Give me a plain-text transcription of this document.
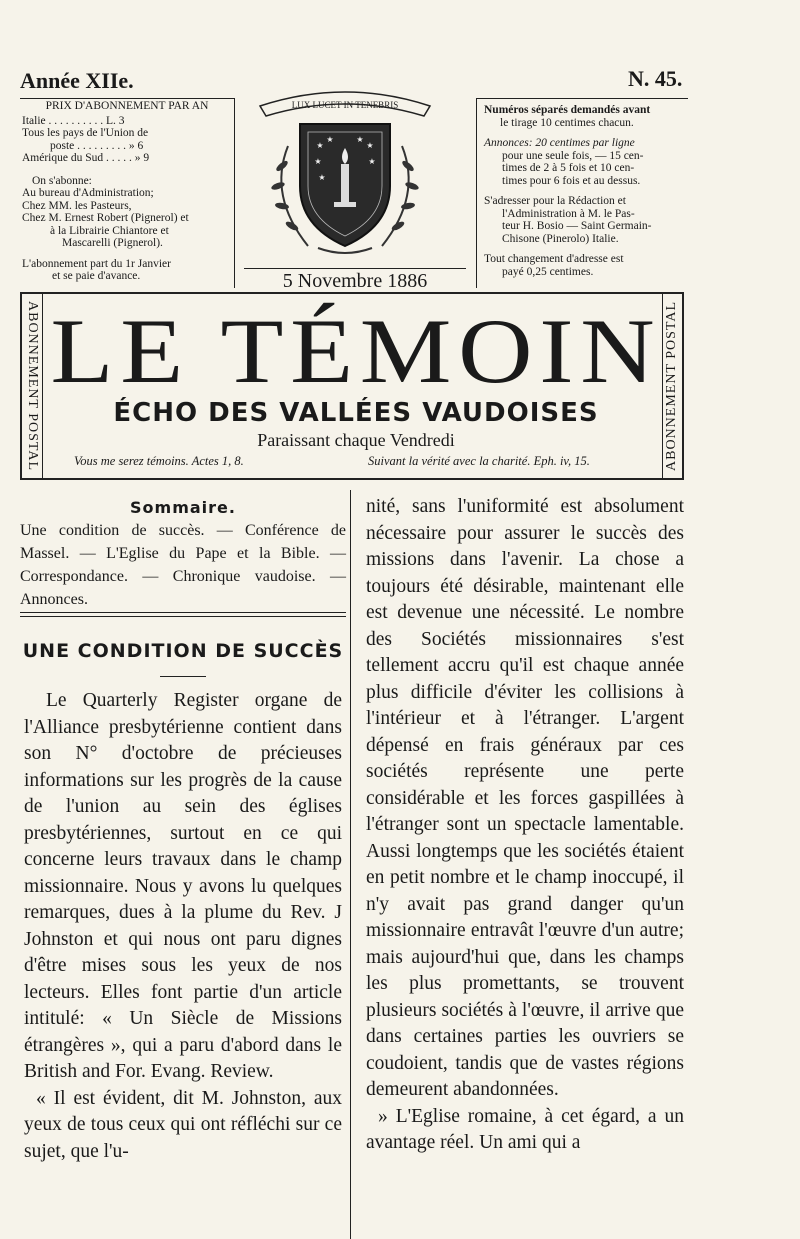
Année XIIe.	N. 45.
PRIX D'ABONNEMENT PAR AN

Italie . . . . . . . . . . L. 3

Tous les pays de l'Union de

poste . . . . . . . . . » 6

Amérique du Sud . . . . . » 9

On s'abonne:

Au bureau d'Administration;

Chez MM. les Pasteurs,

Chez M. Ernest Robert (Pignerol) et

à la Librairie Chiantore et

Mascarelli (Pignerol).

L'abonnement part du 1r Janvier

et se paie d'avance.

LUX LUCET IN TENEBRIS
★
★	★
★
★	★
★
5 Novembre 1886

Numéros séparés demandés avant

le tirage 10 centimes chacun.

Annonces: 20 centimes par ligne

pour une seule fois, — 15 cen-

times de 2 à 5 fois et 10 cen-

times pour 6 fois et au dessus.

S'adresser pour la Rédaction et

l'Administration à M. le Pas-

teur H. Bosio — Saint Germain-

Chisone (Pinerolo) Italie.

Tout changement d'adresse est

payé 0,25 centimes.

ABONNEMENT POSTAL	ABONNEMENT POSTAL
LE TÉMOIN
ÉCHO DES VALLÉES VAUDOISES
Paraissant chaque Vendredi
Vous me serez témoins. Actes 1, 8.	Suivant la vérité avec la charité. Eph. iv, 15.
Sommaire.
Une condition de succès. — Conférence de Massel. — L'Eglise du Pape et la Bible. — Correspondance. — Chronique vaudoise. — Annonces.
UNE CONDITION DE SUCCÈS

Le Quarterly Register organe de l'Alliance presbytérienne contient dans son N° d'octobre de précieuses informations sur les progrès de la cause de l'union au sein des églises presbytériennes, surtout en ce qui concerne leurs travaux dans le champ missionnaire. Nous y avons lu quelques remarques, dues à la plume du Rev. J Johnston et qui nous ont paru dignes d'être mises sous les yeux de nos lecteurs. Elles font partie d'un article intitulé: « Un Siècle de Missions étrangères », qui a paru d'abord dans le British and For. Evang. Review.

« Il est évident, dit M. Johnston, aux yeux de tous ceux qui ont réfléchi sur ce sujet, que l'u-

nité, sans l'uniformité est absolument nécessaire pour assurer le succès des missions dans l'avenir. La chose a toujours été désirable, maintenant elle est devenue une nécessité. Le nombre des Sociétés missionnaires s'est tellement accru qu'il est chaque année plus difficile d'éviter les collisions à l'intérieur et à l'étranger. L'argent dépensé en frais généraux par ces sociétés représente une perte considérable et les forces gaspillées à l'étranger sont un spectacle lamentable. Aussi longtemps que les sociétés étaient en petit nombre et le champ inoccupé, il n'y avait pas grand danger qu'un missionnaire entravât l'œuvre d'un autre; mais aujourd'hui que, dans les champs les plus promettants, se trouvent plusieurs sociétés à l'œuvre, il arrive que dans certaines parties les ouvriers se coudoient, tandis que de vastes régions demeurent abandonnées.

» L'Eglise romaine, à cet égard, a un avantage réel. Un ami qui a
